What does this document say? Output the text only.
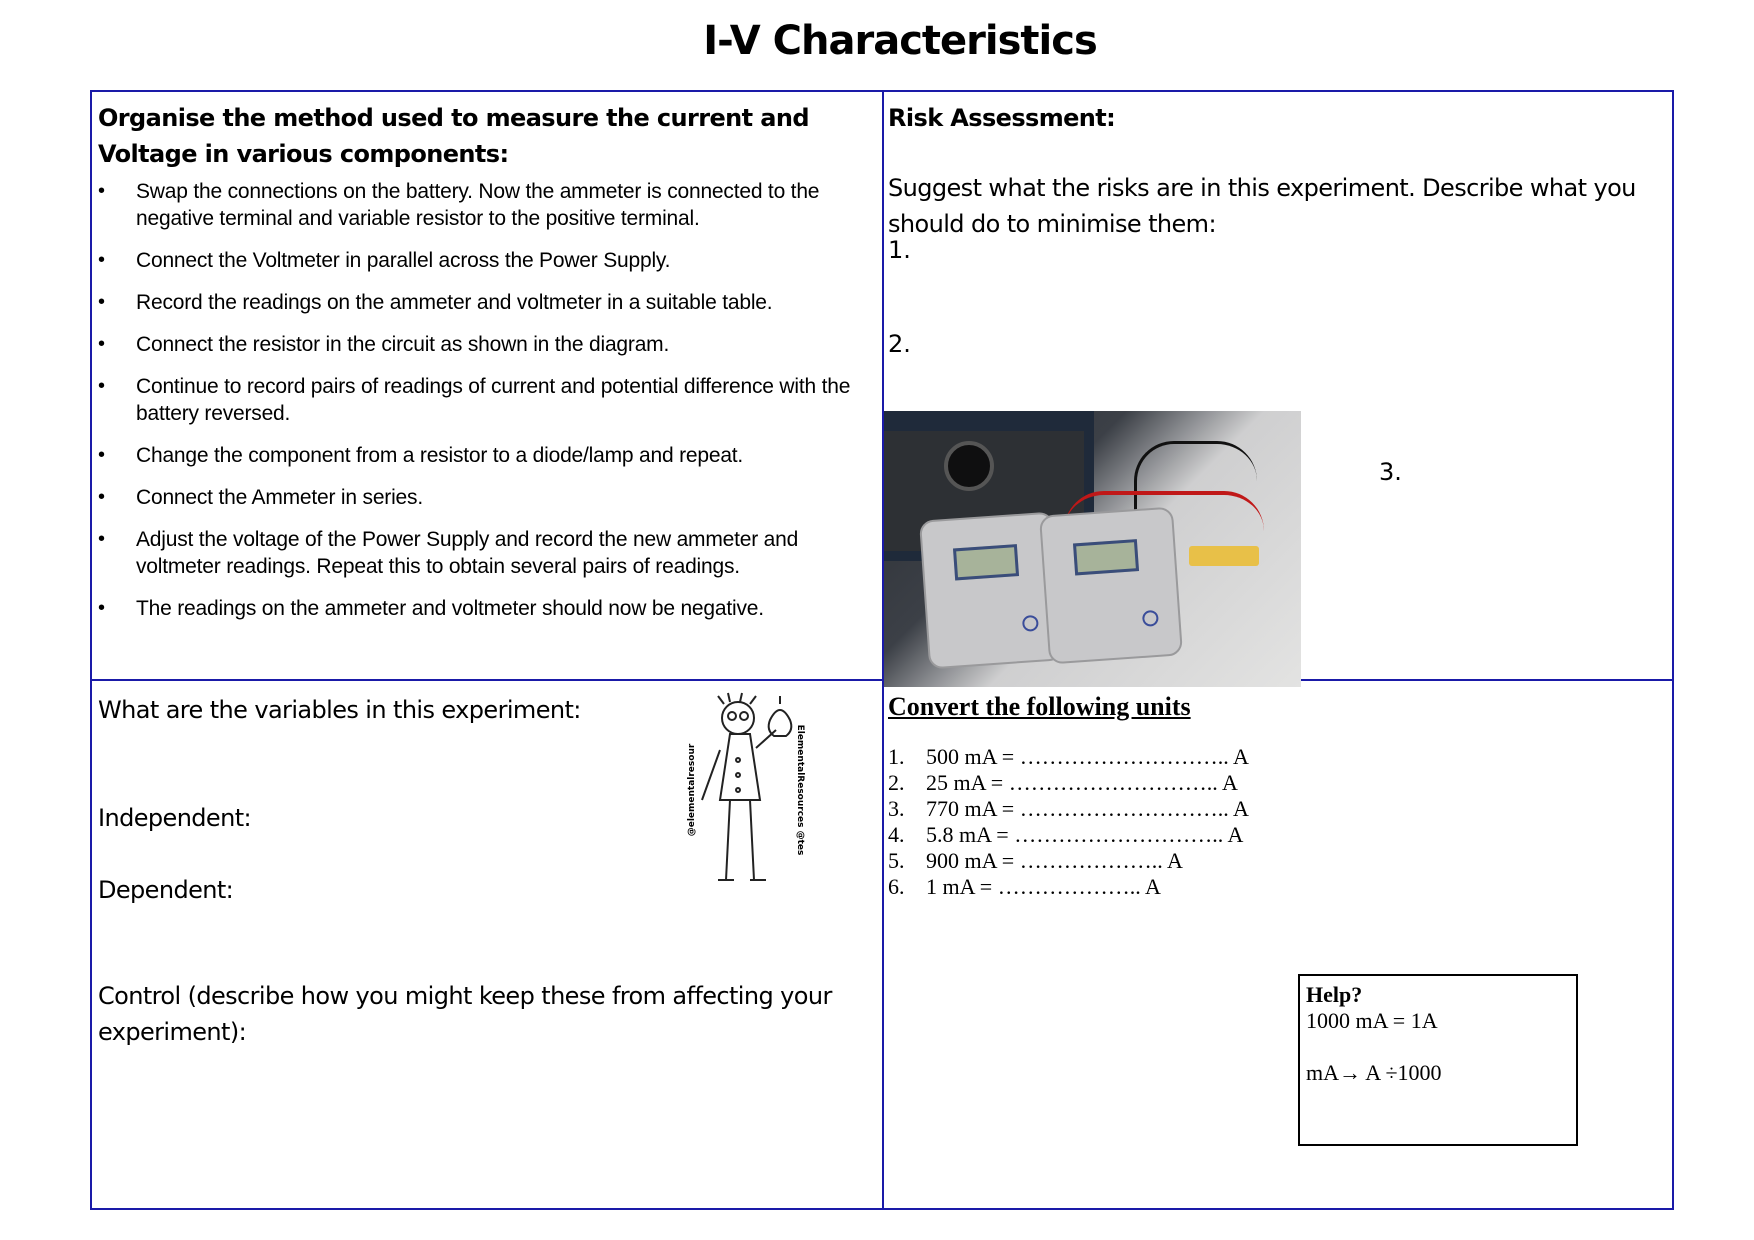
I-V Characteristics
Organise the method used to measure the current and Voltage in various components:
• Swap the connections on the battery. Now the ammeter is connected to the negative terminal and variable resistor to the positive terminal.
• Connect the Voltmeter in parallel across the Power Supply.
• Record the readings on the ammeter and voltmeter in a suitable table.
• Connect the resistor in the circuit as shown in the diagram.
• Continue to record pairs of readings of current and potential difference with the battery reversed.
• Change the component from a resistor to a diode/lamp and repeat.
• Connect the Ammeter in series.
• Adjust the voltage of the Power Supply and record the new ammeter and voltmeter readings. Repeat this to obtain several pairs of readings.
• The readings on the ammeter and voltmeter should now be negative.
Risk Assessment:
Suggest what the risks are in this experiment. Describe what you should do to minimise them:
1.
2.
3.
What are the variables in this experiment:
Independent:
Dependent:
Control (describe how you might keep these from affecting your experiment):
@elementalresour	ElementalResources @tes
Convert the following units
1. 500 mA = ……………………….. A
2. 25 mA = ……………………….. A
3. 770 mA = ……………………….. A
4. 5.8 mA = ……………………….. A
5. 900 mA = ……………….. A
6. 1 mA = ……………….. A
Help?
1000 mA = 1A
mA→ A ÷1000
